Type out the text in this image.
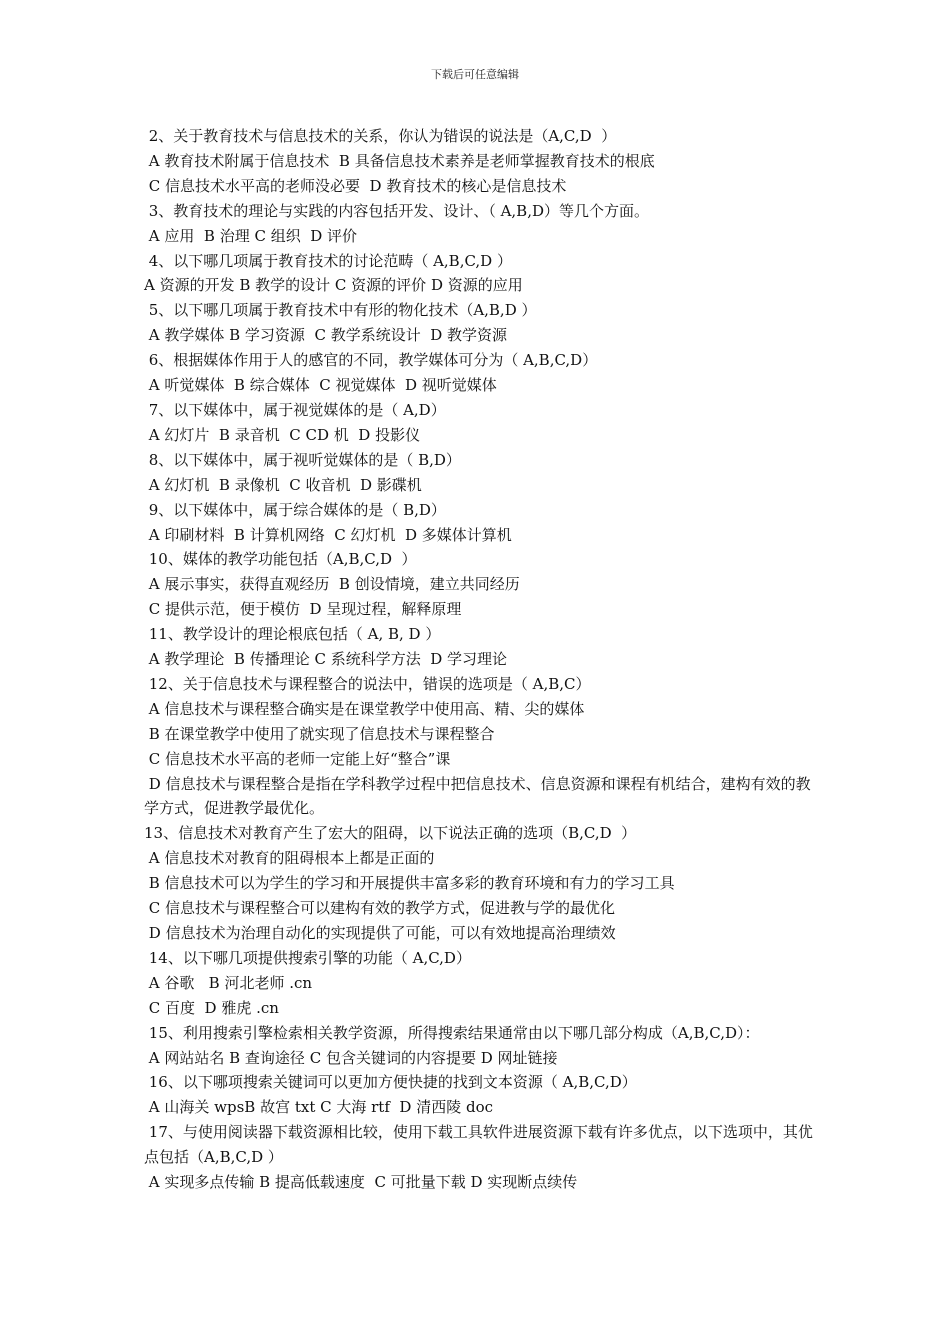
下载后可任意编辑
2、关于教育技术与信息技术的关系，你认为错误的说法是（A,C,D  ）
A 教育技术附属于信息技术  B 具备信息技术素养是老师掌握教育技术的根底
C 信息技术水平高的老师没必要  D 教育技术的核心是信息技术
3、教育技术的理论与实践的内容包括开发、设计、（ A,B,D）等几个方面。
A 应用  B 治理 C 组织  D 评价
4、以下哪几项属于教育技术的讨论范畴（ A,B,C,D ）
A 资源的开发 B 教学的设计 C 资源的评价 D 资源的应用
5、以下哪几项属于教育技术中有形的物化技术（A,B,D ）
A 教学媒体 B 学习资源  C 教学系统设计  D 教学资源
6、根据媒体作用于人的感官的不同，教学媒体可分为（ A,B,C,D）
A 听觉媒体  B 综合媒体  C 视觉媒体  D 视听觉媒体
7、以下媒体中，属于视觉媒体的是（ A,D）
A 幻灯片  B 录音机  C CD 机  D 投影仪
8、以下媒体中，属于视听觉媒体的是（ B,D）
A 幻灯机  B 录像机  C 收音机  D 影碟机
9、以下媒体中，属于综合媒体的是（ B,D）
A 印刷材料  B 计算机网络  C 幻灯机  D 多媒体计算机
10、媒体的教学功能包括（A,B,C,D  ）
A 展示事实，获得直观经历  B 创设情境，建立共同经历
C 提供示范，便于模仿  D 呈现过程，解释原理
11、教学设计的理论根底包括（ A, B, D ）
A 教学理论  B 传播理论 C 系统科学方法  D 学习理论
12、关于信息技术与课程整合的说法中，错误的选项是（ A,B,C）
A 信息技术与课程整合确实是在课堂教学中使用高、精、尖的媒体
B 在课堂教学中使用了就实现了信息技术与课程整合
C 信息技术水平高的老师一定能上好“整合”课
D 信息技术与课程整合是指在学科教学过程中把信息技术、信息资源和课程有机结合，建构有效的教学方式，促进教学最优化。
13、信息技术对教育产生了宏大的阻碍，以下说法正确的选项（B,C,D  ）
A 信息技术对教育的阻碍根本上都是正面的
B 信息技术可以为学生的学习和开展提供丰富多彩的教育环境和有力的学习工具
C 信息技术与课程整合可以建构有效的教学方式，促进教与学的最优化
D 信息技术为治理自动化的实现提供了可能，可以有效地提高治理绩效
14、以下哪几项提供搜索引擎的功能（ A,C,D）
A 谷歌   B 河北老师 .cn
C 百度  D 雅虎 .cn
15、利用搜索引擎检索相关教学资源，所得搜索结果通常由以下哪几部分构成（A,B,C,D）：
A 网站站名 B 查询途径 C 包含关键词的内容提要 D 网址链接
16、以下哪项搜索关键词可以更加方便快捷的找到文本资源（ A,B,C,D）
A 山海关 wpsB 故宫 txt C 大海 rtf  D 清西陵 doc
17、与使用阅读器下载资源相比较，使用下载工具软件进展资源下载有许多优点，以下选项中，其优点包括（A,B,C,D ）
A 实现多点传输 B 提高低载速度  C 可批量下载 D 实现断点续传
